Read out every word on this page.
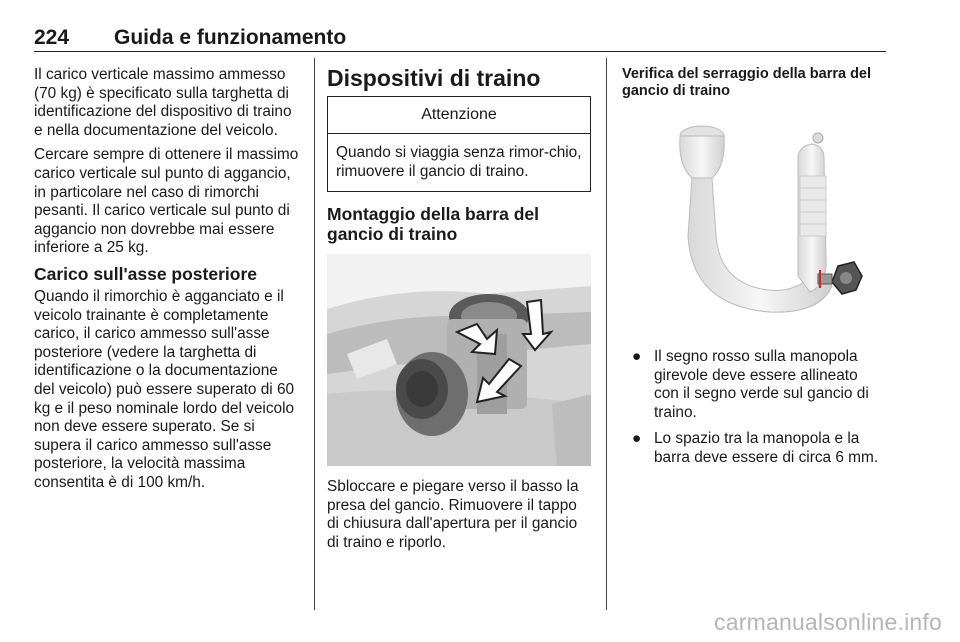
224 Guida e funzionamento

Il carico verticale massimo ammesso (70 kg) è specificato sulla targhetta di identificazione del dispositivo di traino e nella documentazione del veicolo.

Cercare sempre di ottenere il massimo carico verticale sul punto di aggancio, in particolare nel caso di rimorchi pesanti. Il carico verticale sul punto di aggancio non dovrebbe mai essere inferiore a 25 kg.

Carico sull'asse posteriore

Quando il rimorchio è agganciato e il veicolo trainante è completamente carico, il carico ammesso sull'asse posteriore (vedere la targhetta di identificazione o la documentazione del veicolo) può essere superato di 60 kg e il peso nominale lordo del veicolo non deve essere superato. Se si supera il carico ammesso sull'asse posteriore, la velocità massima consentita è di 100 km/h.

Dispositivi di traino
Attenzione
Quando si viaggia senza rimor-chio, rimuovere il gancio di traino.
Montaggio della barra del gancio di traino

Sbloccare e piegare verso il basso la presa del gancio. Rimuovere il tappo di chiusura dall'apertura per il gancio di traino e riporlo.

Verifica del serraggio della barra del gancio di traino
● Il segno rosso sulla manopola girevole deve essere allineato con il segno verde sul gancio di traino.
● Lo spazio tra la manopola e la barra deve essere di circa 6 mm.
carmanualsonline.info
